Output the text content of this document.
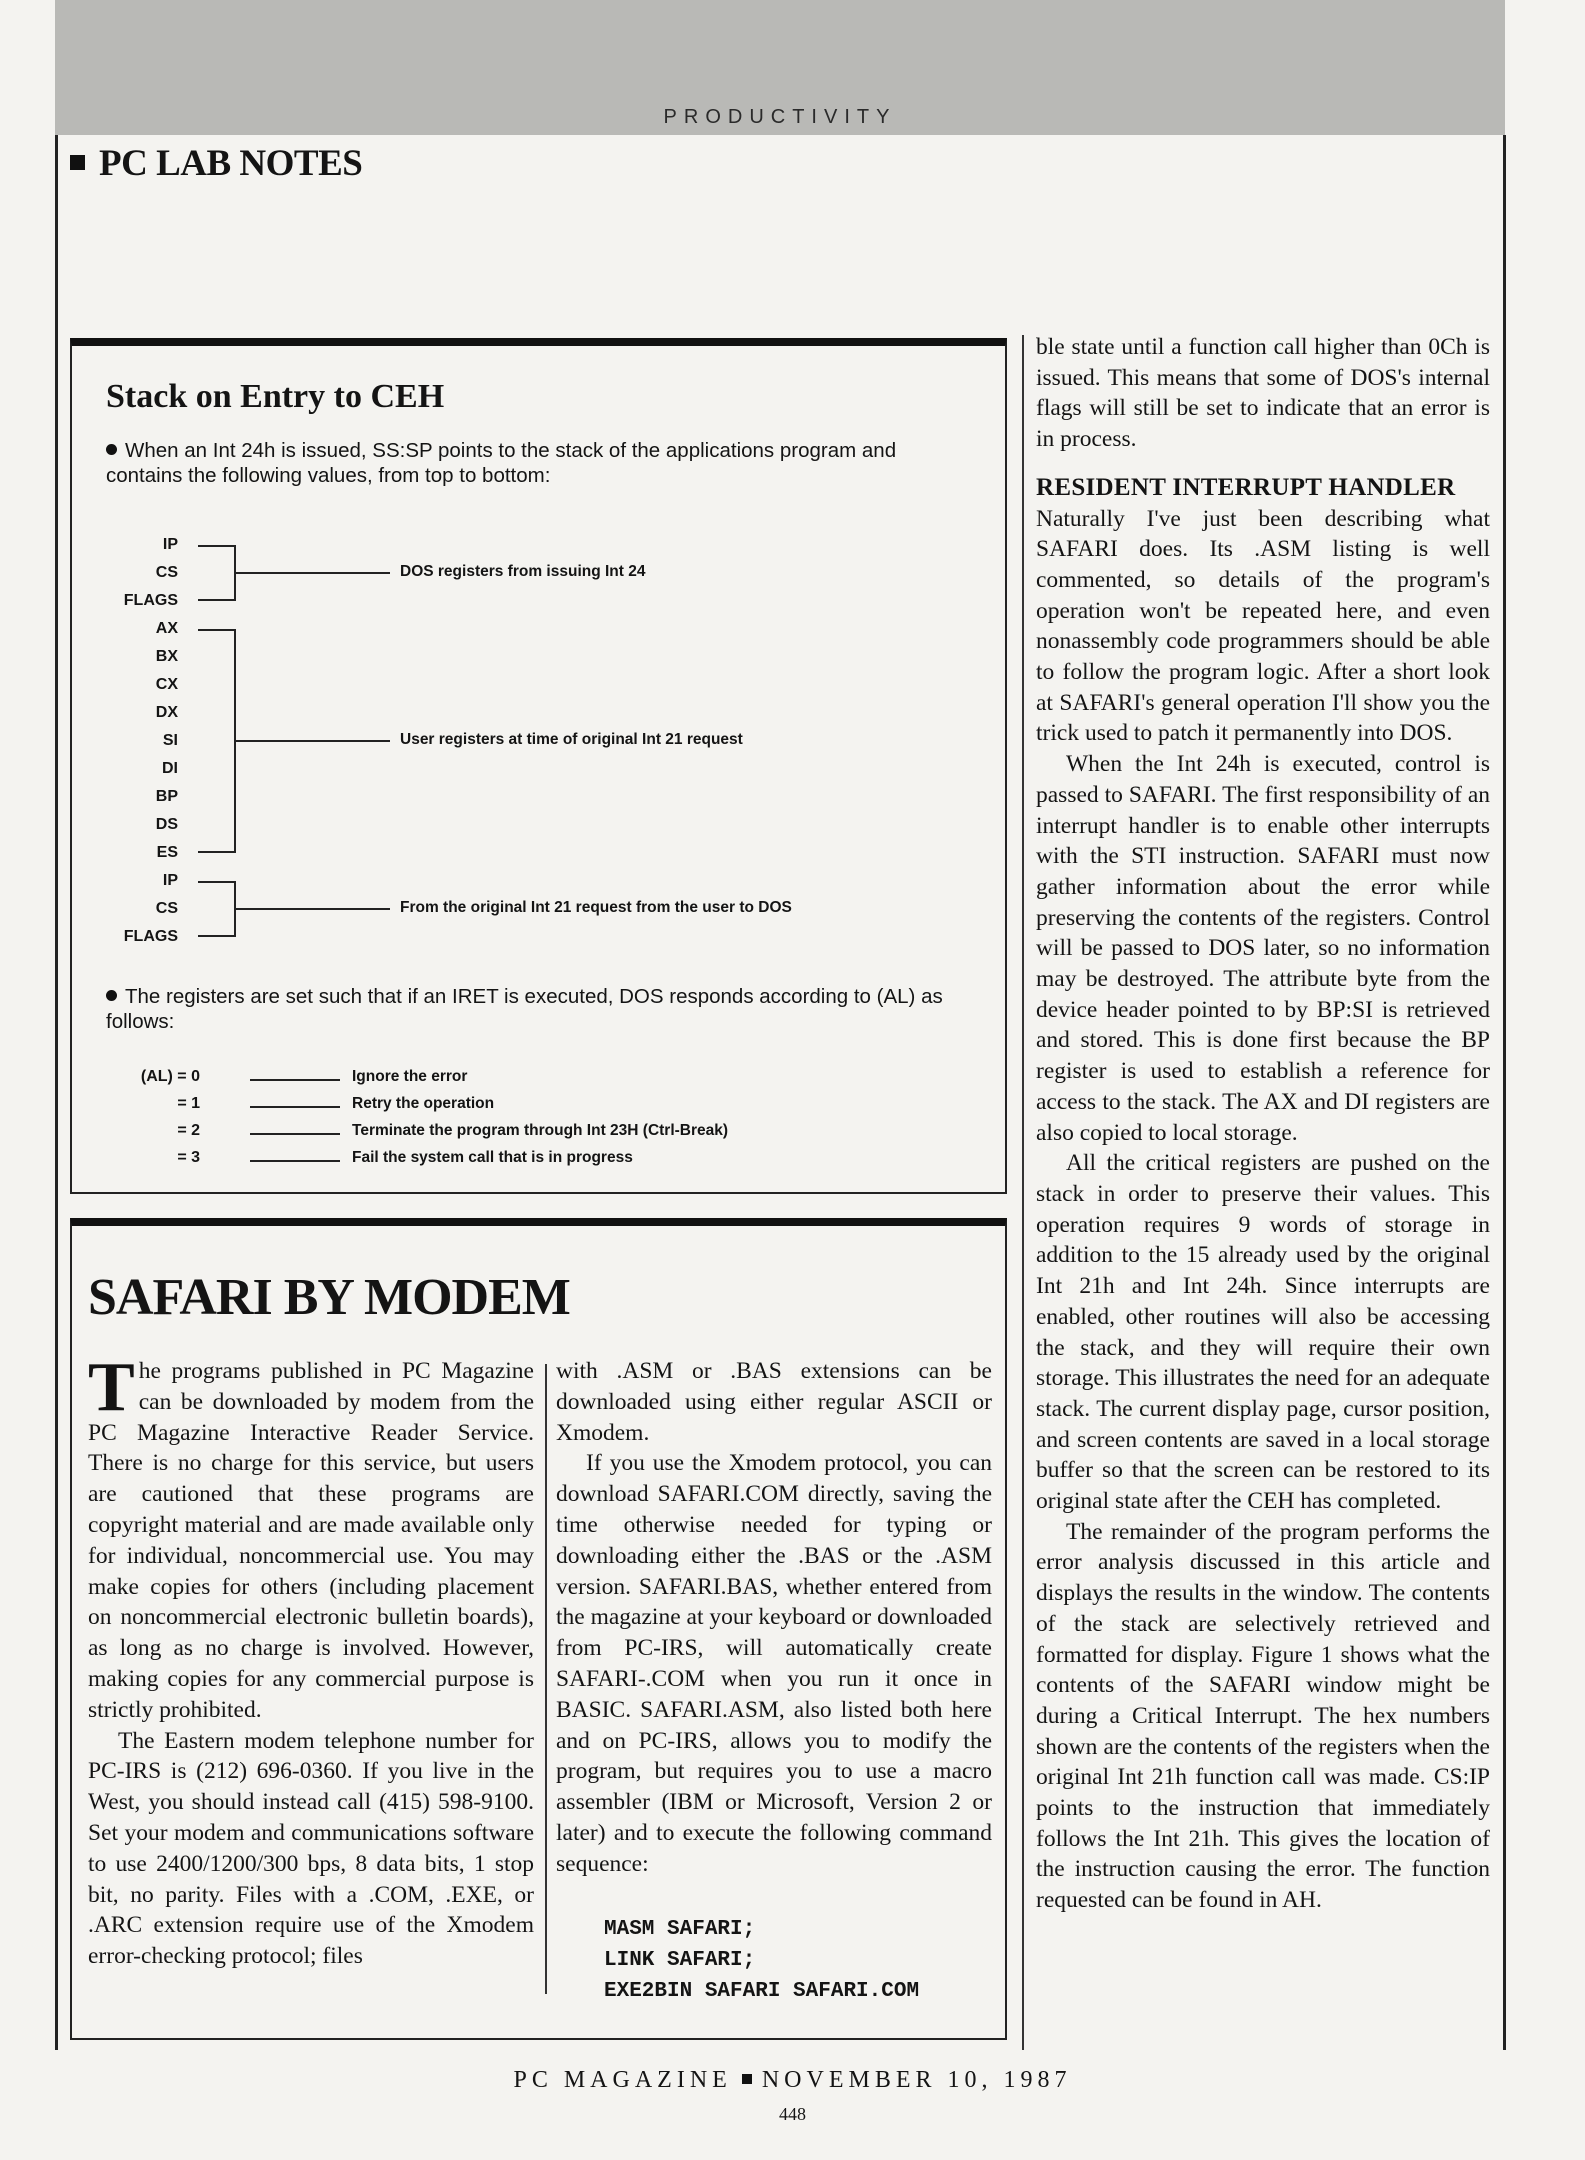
PRODUCTIVITY
PC LAB NOTES
Stack on Entry to CEH
When an Int 24h is issued, SS:SP points to the stack of the applications program and contains the following values, from top to bottom:
IP
CS
FLAGS
AX
BX
CX
DX
SI
DI
BP
DS
ES
IP
CS
FLAGS
DOS registers from issuing Int 24
User registers at time of original Int 21 request
From the original Int 21 request from the user to DOS
The registers are set such that if an IRET is executed, DOS responds according to (AL) as follows:
(AL) = 0	Ignore the error
= 1	Retry the operation
= 2	Terminate the program through Int 23H (Ctrl-Break)
= 3	Fail the system call that is in progress
SAFARI BY MODEM

The programs published in PC Magazine can be downloaded by modem from the PC Magazine Interactive Reader Service. There is no charge for this service, but users are cautioned that these programs are copyright material and are made available only for individual, noncommercial use. You may make copies for others (including placement on noncommercial electronic bulletin boards), as long as no charge is involved. However, making copies for any commercial purpose is strictly prohibited.

The Eastern modem telephone number for PC-IRS is (212) 696-0360. If you live in the West, you should instead call (415) 598-9100. Set your modem and communications software to use 2400/1200/300 bps, 8 data bits, 1 stop bit, no parity. Files with a .COM, .EXE, or .ARC extension require use of the Xmodem error-checking protocol; files

with .ASM or .BAS extensions can be downloaded using either regular ASCII or Xmodem.

If you use the Xmodem protocol, you can download SAFARI.COM directly, saving the time otherwise needed for typing or downloading either the .BAS or the .ASM version. SAFARI.BAS, whether entered from the magazine at your keyboard or downloaded from PC-IRS, will automatically create SAFARI-.COM when you run it once in BASIC. SAFARI.ASM, also listed both here and on PC-IRS, allows you to modify the program, but requires you to use a macro assembler (IBM or Microsoft, Version 2 or later) and to execute the following command sequence:

MASM SAFARI;
LINK SAFARI;
EXE2BIN SAFARI SAFARI.COM

ble state until a function call higher than 0Ch is issued. This means that some of DOS's internal flags will still be set to indicate that an error is in process.

RESIDENT INTERRUPT HANDLER

Naturally I've just been describing what SAFARI does. Its .ASM listing is well commented, so details of the program's operation won't be repeated here, and even nonassembly code programmers should be able to follow the program logic. After a short look at SAFARI's general operation I'll show you the trick used to patch it permanently into DOS.

When the Int 24h is executed, control is passed to SAFARI. The first responsibility of an interrupt handler is to enable other interrupts with the STI instruction. SAFARI must now gather information about the error while preserving the contents of the registers. Control will be passed to DOS later, so no information may be destroyed. The attribute byte from the device header pointed to by BP:SI is retrieved and stored. This is done first because the BP register is used to establish a reference for access to the stack. The AX and DI registers are also copied to local storage.

All the critical registers are pushed on the stack in order to preserve their values. This operation requires 9 words of storage in addition to the 15 already used by the original Int 21h and Int 24h. Since interrupts are enabled, other routines will also be accessing the stack, and they will require their own storage. This illustrates the need for an adequate stack. The current display page, cursor position, and screen contents are saved in a local storage buffer so that the screen can be restored to its original state after the CEH has completed.

The remainder of the program performs the error analysis discussed in this article and displays the results in the window. The contents of the stack are selectively retrieved and formatted for display. Figure 1 shows what the contents of the SAFARI window might be during a Critical Interrupt. The hex numbers shown are the contents of the registers when the original Int 21h function call was made. CS:IP points to the instruction that immediately follows the Int 21h. This gives the location of the instruction causing the error. The function requested can be found in AH.

PC MAGAZINE NOVEMBER 10, 1987
448
